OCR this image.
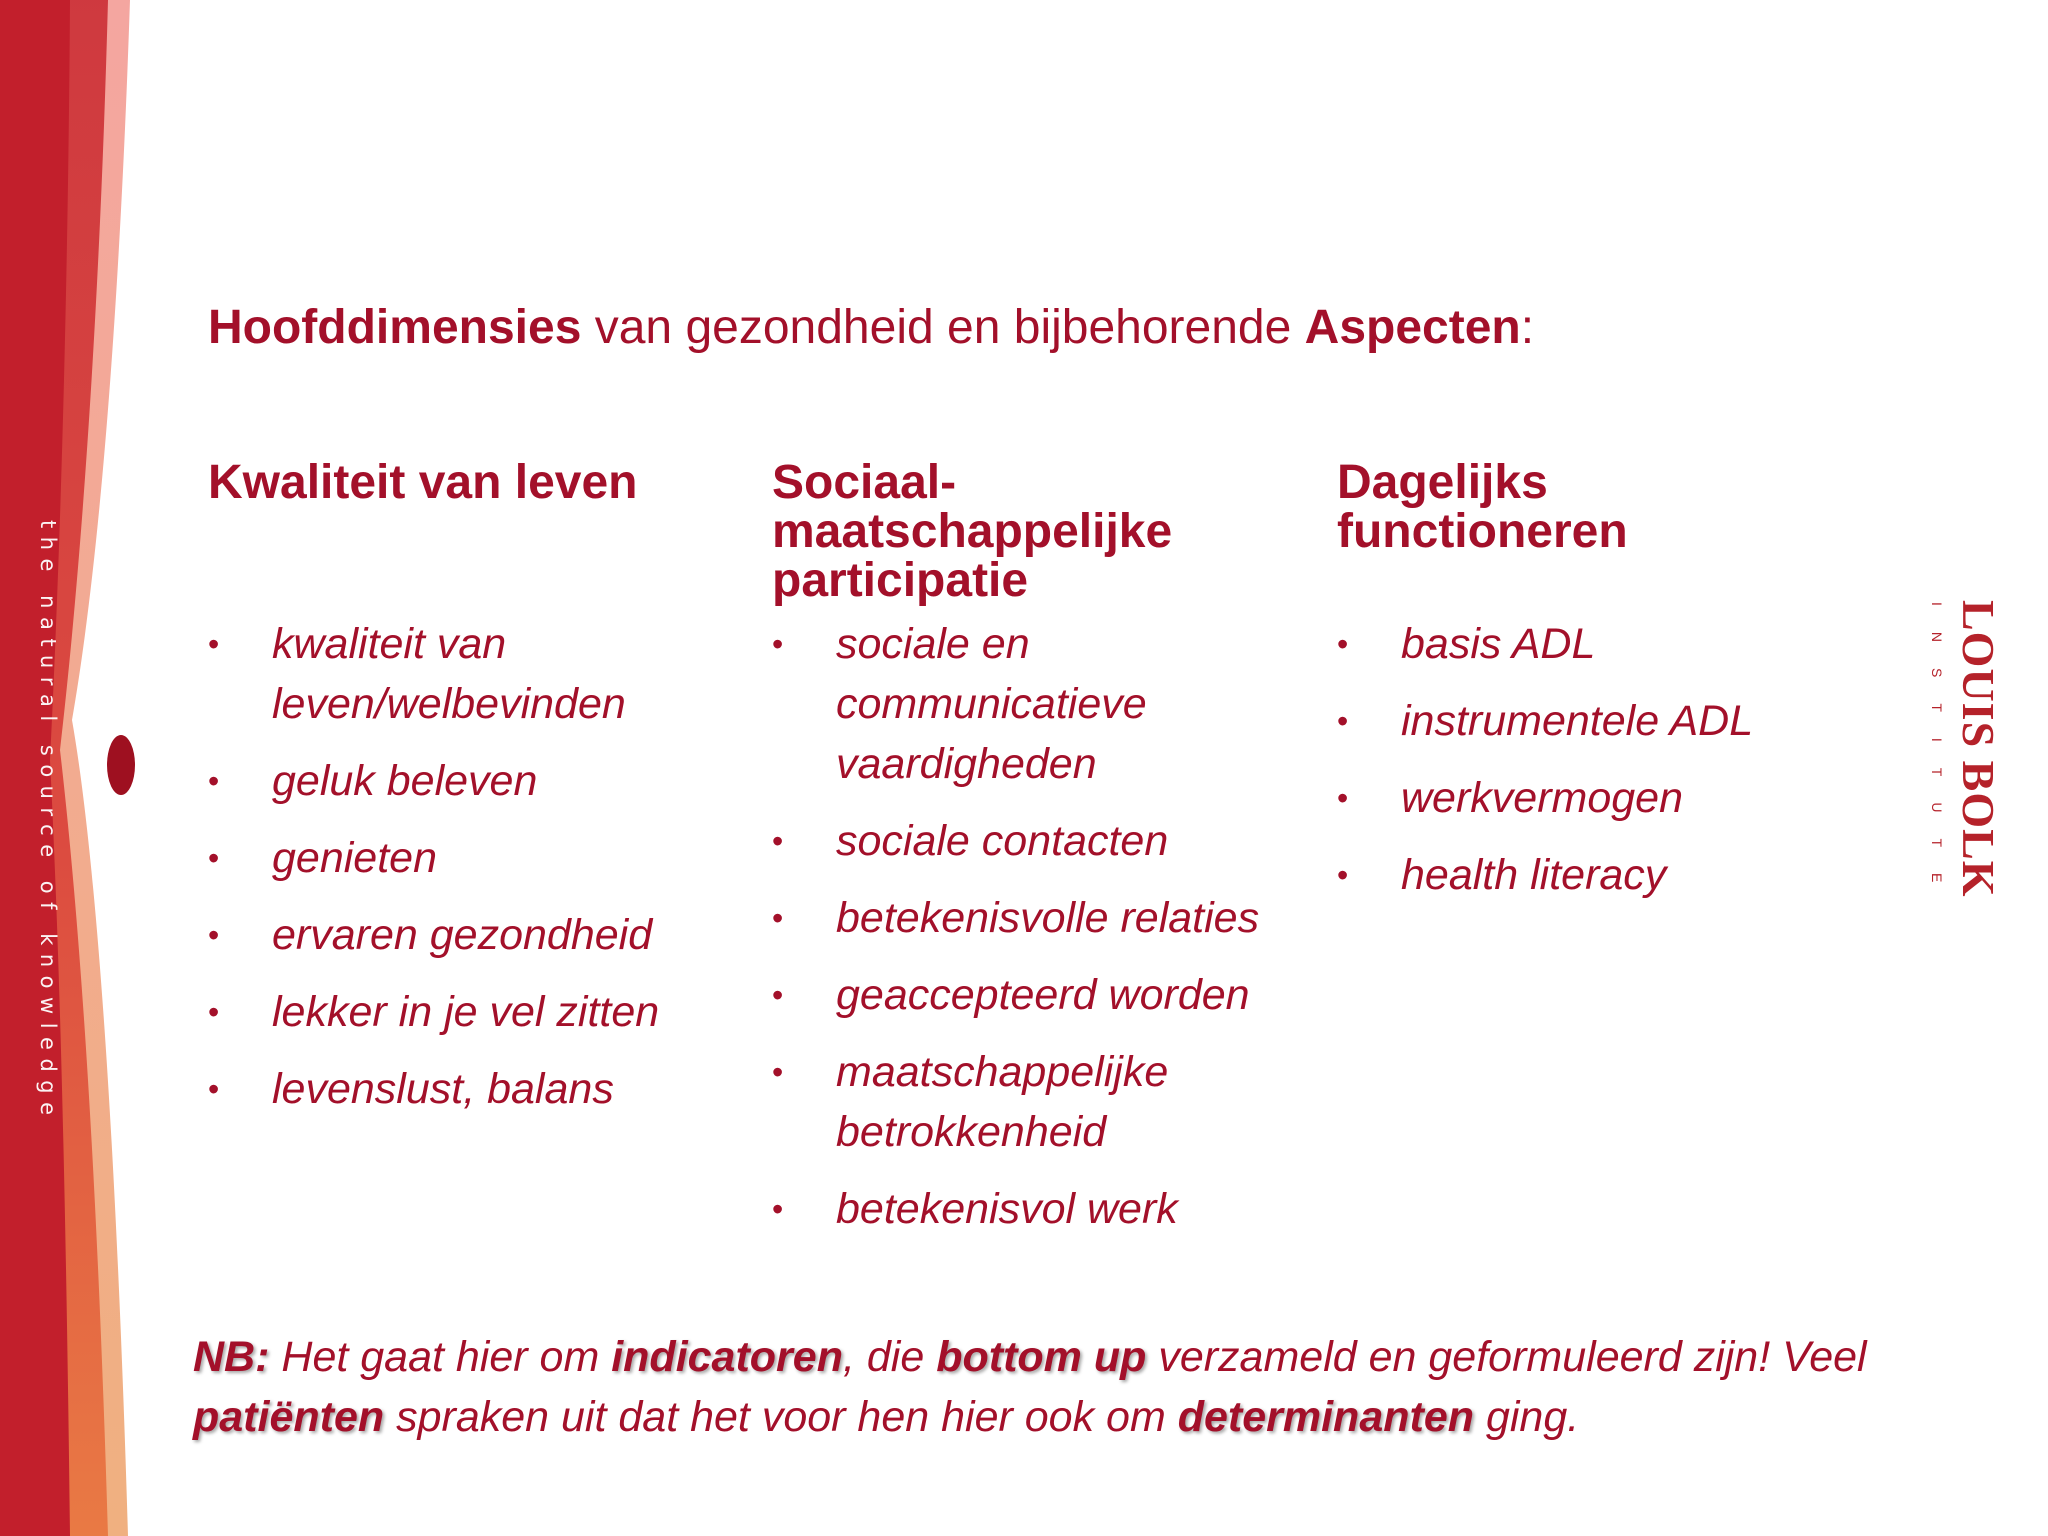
the natural source of knowledge	LOUIS BOLK
INSTITUTE
Hoofddimensies van gezondheid en bijbehorende Aspecten:
Kwaliteit van leven
• kwaliteit van leven/welbevinden
• geluk beleven
• genieten
• ervaren gezondheid
• lekker in je vel zitten
• levenslust, balans
Sociaal-maatschappelijke participatie
• sociale en communicatieve vaardigheden
• sociale contacten
• betekenisvolle relaties
• geaccepteerd worden
• maatschappelijke betrokkenheid
• betekenisvol werk
Dagelijks functioneren
• basis ADL
• instrumentele ADL
• werkvermogen
• health literacy
NB: Het gaat hier om indicatoren, die bottom up verzameld en geformuleerd zijn! Veel patiënten spraken uit dat het voor hen hier ook om determinanten ging.
